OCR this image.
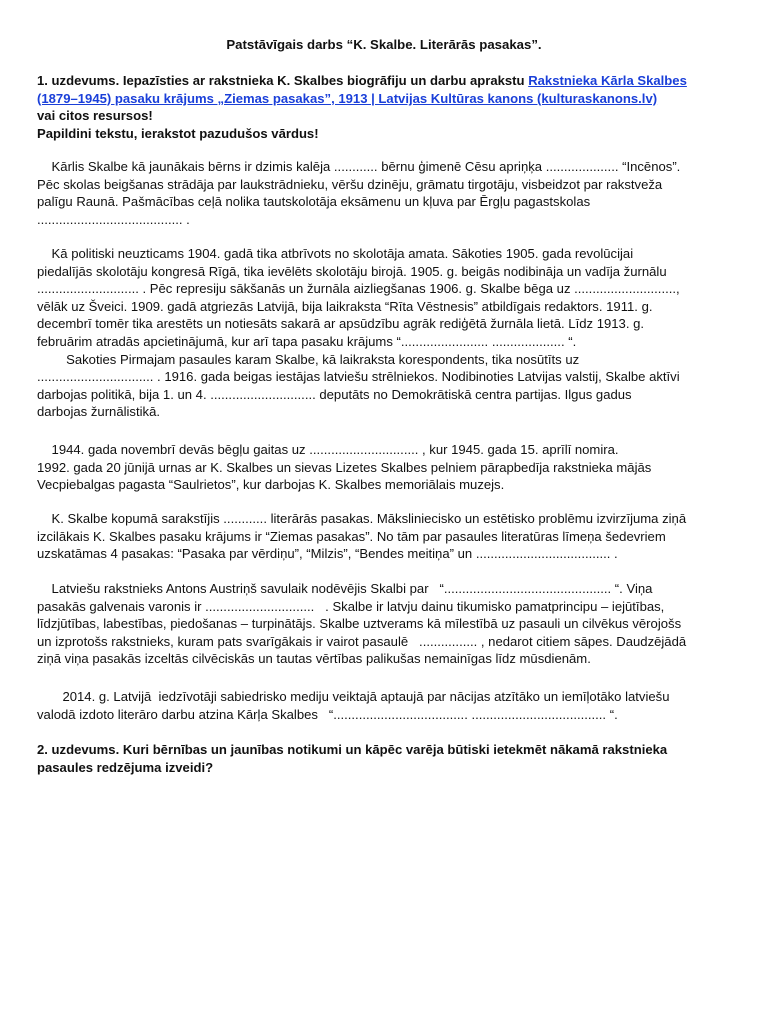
Patstāvīgais darbs “K. Skalbe. Literārās pasakas”.
1. uzdevums. Iepazīsties ar rakstnieka K. Skalbes biogrāfiju un darbu aprakstu Rakstnieka Kārla Skalbes
(1879–1945) pasaku krājums „Ziemas pasakas”, 1913 | Latvijas Kultūras kanons (kulturaskanons.lv)
vai citos resursos!
Papildini tekstu, ierakstot pazudušos vārdus!
Kārlis Skalbe kā jaunākais bērns ir dzimis kalēja ............ bērnu ģimenē Cēsu apriņķa .................... “Incēnos”.
Pēc skolas beigšanas strādāja par laukstrādnieku, vēršu dzinēju, grāmatu tirgotāju, visbeidzot par rakstveža
palīgu Raunā. Pašmācības ceļā nolika tautskolotāja eksāmenu un kļuva par Ērgļu pagastskolas
........................................ .
Kā politiski neuzticams 1904. gadā tika atbrīvots no skolotāja amata. Sākoties 1905. gada revolūcijai
piedalījās skolotāju kongresā Rīgā, tika ievēlēts skolotāju birojā. 1905. g. beigās nodibināja un vadīja žurnālu
............................ . Pēc represiju sākšanās un žurnāla aizliegšanas 1906. g. Skalbe bēga uz ............................,
vēlāk uz Šveici. 1909. gadā atgriezās Latvijā, bija laikraksta “Rīta Vēstnesis” atbildīgais redaktors. 1911. g.
decembrī tomēr tika arestēts un notiesāts sakarā ar apsūdzību agrāk rediģētā žurnāla lietā. Līdz 1913. g.
februārim atradās apcietinājumā, kur arī tapa pasaku krājums “........................ .................... “.
Sakoties Pirmajam pasaules karam Skalbe, kā laikraksta korespondents, tika nosūtīts uz
................................ . 1916. gada beigas iestājas latviešu strēlniekos. Nodibinoties Latvijas valstij, Skalbe aktīvi
darbojas politikā, bija 1. un 4. ............................. deputāts no Demokrātiskā centra partijas. Ilgus gadus
darbojas žurnālistikā.
1944. gada novembrī devās bēgļu gaitas uz .............................. , kur 1945. gada 15. aprīlī nomira.
1992. gada 20 jūnijā urnas ar K. Skalbes un sievas Lizetes Skalbes pelniem pārapbedīja rakstnieka mājās
Vecpiebalgas pagasta “Saulrietos”, kur darbojas K. Skalbes memoriālais muzejs.
K. Skalbe kopumā sarakstījis ............ literārās pasakas. Mākslinieciskо un estētisko problēmu izvirzījuma ziņā
izcilākais K. Skalbes pasaku krājums ir “Ziemas pasakas”. No tām par pasaules literatūras līmeņa šedevriem
uzskatāmas 4 pasakas: “Pasaka par vērdiņu”, “Milzis”, “Bendes meitiņa” un ..................................... .
Latviešu rakstnieks Antons Austriņš savulaik nodēvējis Skalbi par   “.............................................. “. Viņa
pasakās galvenais varonis ir ..............................   . Skalbe ir latvju dainu tikumisko pamatprincipu – iejūtības,
līdzjūtības, labestības, piedošanas – turpinātājs. Skalbe uztverams kā mīlestībā uz pasauli un cilvēkus vērojošs
un izprotošs rakstnieks, kuram pats svarīgākais ir vairot pasaulē   ................ , nedarot citiem sāpes. Daudzējādā
ziņā viņa pasakās izceltās cilvēciskās un tautas vērtības palikušas nemainīgas līdz mūsdienām.
2014. g. Latvijā  iedzīvotāji sabiedrisko mediju veiktajā aptaujā par nācijas atzītāko un iemīļotāko latviešu
valodā izdoto literāro darbu atzina Kārļa Skalbes   “..................................... ..................................... “.
2. uzdevums. Kuri bērnības un jaunības notikumi un kāpēc varēja būtiski ietekmēt nākamā rakstnieka
pasaules redzējuma izveidi?
